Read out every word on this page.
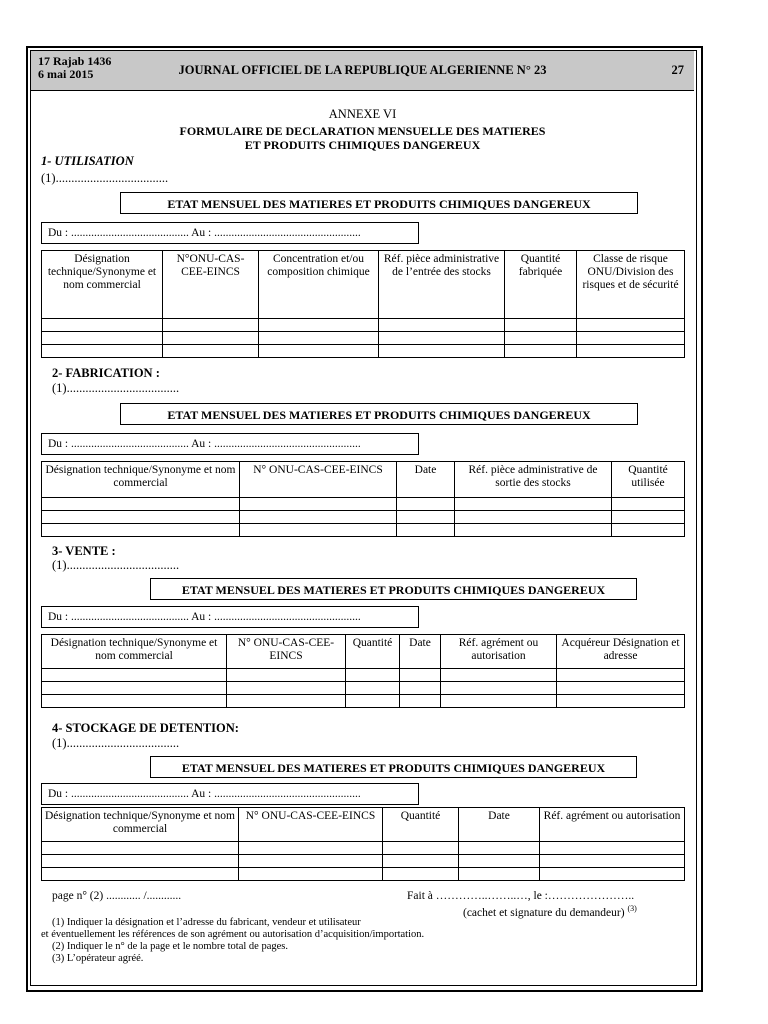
17 Rajab 1436
6 mai 2015	JOURNAL OFFICIEL DE LA REPUBLIQUE ALGERIENNE N° 23	27
ANNEXE VI
FORMULAIRE DE DECLARATION MENSUELLE DES MATIERES
ET PRODUITS CHIMIQUES DANGEREUX
1- UTILISATION
(1)....................................
ETAT MENSUEL DES MATIERES ET PRODUITS CHIMIQUES DANGEREUX
Du : ......................................... Au : ...................................................
Désignation technique/Synonyme et nom commercial	N°ONU-CAS-CEE-EINCS	Concentration et/ou composition chimique	Réf. pièce administrative de l’entrée des stocks	Quantité fabriquée	Classe de risque ONU/Division des risques et de sécurité

2- FABRICATION :
(1)....................................
ETAT MENSUEL DES MATIERES ET PRODUITS CHIMIQUES DANGEREUX
Du : ......................................... Au : ...................................................
Désignation technique/Synonyme et nom commercial	N° ONU-CAS-CEE-EINCS	Date	Réf. pièce administrative de sortie des stocks	Quantité utilisée

3- VENTE :
(1)....................................
ETAT MENSUEL DES MATIERES ET PRODUITS CHIMIQUES DANGEREUX
Du : ......................................... Au : ...................................................
Désignation technique/Synonyme et nom commercial	N° ONU-CAS-CEE-EINCS	Quantité	Date	Réf. agrément ou autorisation	Acquéreur Désignation et adresse

4- STOCKAGE DE DETENTION:
(1)....................................
ETAT MENSUEL DES MATIERES ET PRODUITS CHIMIQUES DANGEREUX
Du : ......................................... Au : ...................................................
Désignation technique/Synonyme et nom commercial	N° ONU-CAS-CEE-EINCS	Quantité	Date	Réf. agrément ou autorisation

page n° (2) ............ /............	Fait à …………..……..…, le :…………………..
(cachet et signature du demandeur) $^{(3)}$
(1) Indiquer la désignation et l’adresse du fabricant, vendeur et utilisateur
et éventuellement les références de son agrément ou autorisation d’acquisition/importation.
(2) Indiquer le n° de la page et le nombre total de pages.
(3) L’opérateur agréé.
